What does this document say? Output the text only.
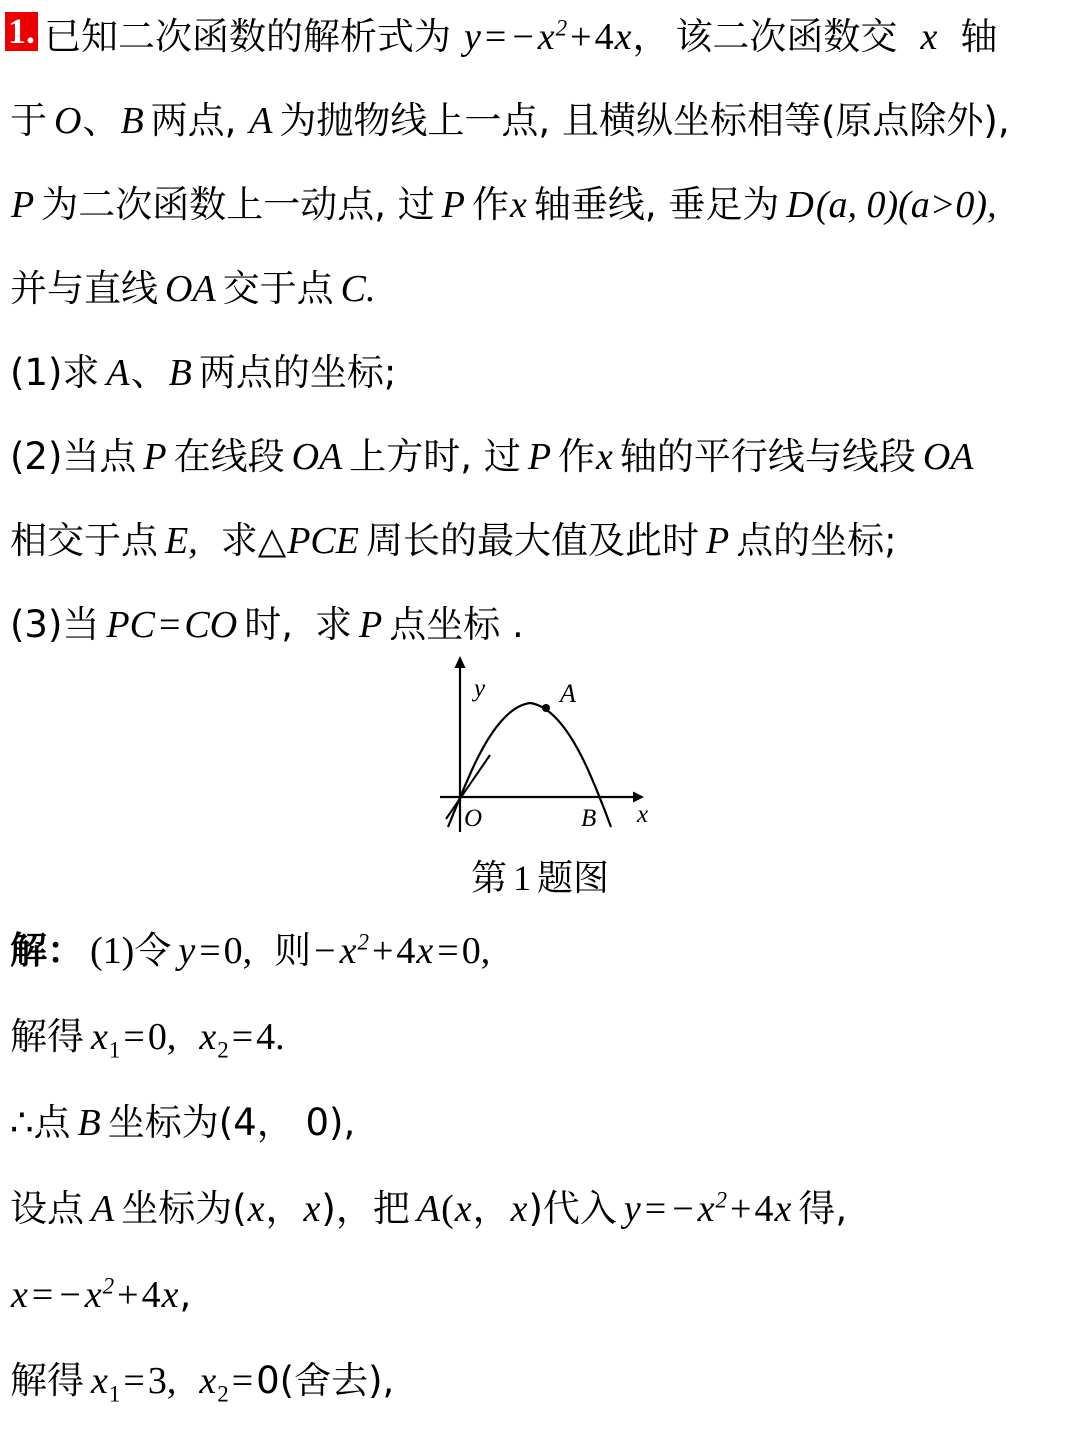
1. 已知二次函数的解析式为 y = − $x^2+4x$， 该二次函数交 x 轴
于 O、B 两点, A 为抛物线上一点, 且横纵坐标相等(原点除外),
P 为二次函数上一动点, 过 P 作x 轴垂线, 垂足为 D(a, 0)(a>0),
并与直线 OA 交于点 C.
(1)求 A、B 两点的坐标;
(2)当点 P 在线段 OA 上方时, 过 P 作x 轴的平行线与线段 OA
相交于点 E, 求△PCE 周长的最大值及此时 P 点的坐标;
(3)当 PC = CO 时, 求 P 点坐标 .
y
x
O
A
B
第 1 题图
解： (1)令 y =0, 则− $x^2+4x =0$,
解得 $x_1=0$, $x_2=4$.
∴点 B 坐标为(4， 0),
设点 A 坐标为(x，x)，把 A(x，x)代入 y = − $x^2+4x$ 得,
x = − $x^2+4x$,
解得 $x_1=3$, $x_2=0$(舍去),
